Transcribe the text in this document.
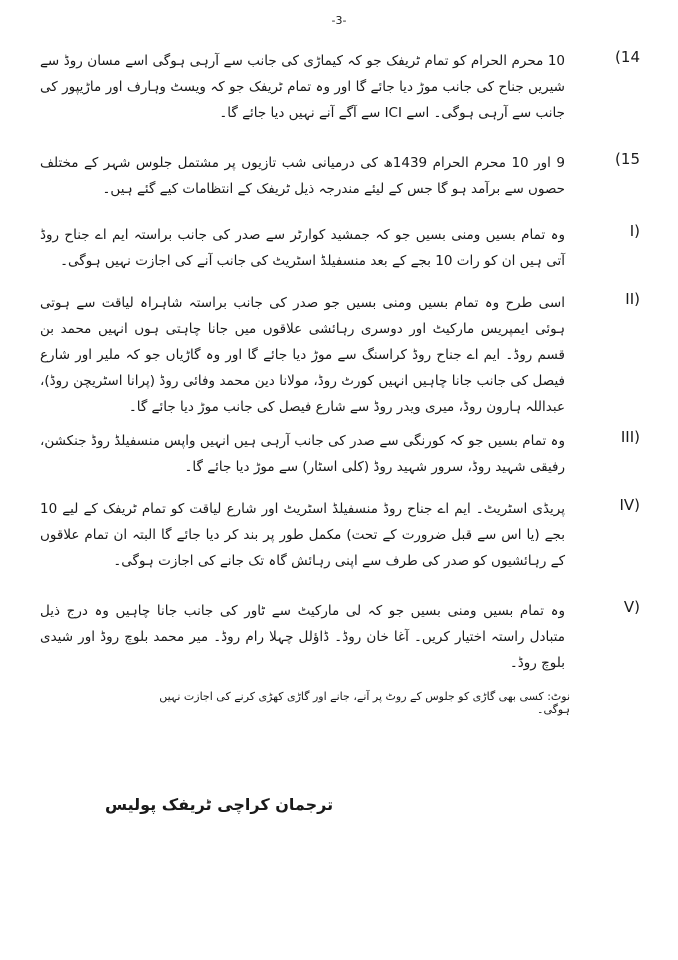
-3-
(14
10 محرم الحرام کو تمام ٹریفک جو کہ کیماڑی کی جانب سے آرہی ہوگی اسے مسان روڈ سے شیریں جناح کی جانب موڑ دیا جائے گا اور وہ تمام ٹریفک جو کہ ویسٹ وہارف اور ماڑیپور کی جانب سے آرہی ہوگی۔ اسے ICI سے آگے آنے نہیں دیا جائے گا۔
(15
9 اور 10 محرم الحرام 1439ھ کی درمیانی شب تازیوں پر مشتمل جلوس شہر کے مختلف حصوں سے برآمد ہو گا جس کے لیئے مندرجہ ذیل ٹریفک کے انتظامات کیے گئے ہیں۔
I)
وہ تمام بسیں ومنی بسیں جو کہ جمشید کوارٹر سے صدر کی جانب براستہ ایم اے جناح روڈ آتی ہیں ان کو رات 10 بجے کے بعد منسفیلڈ اسٹریٹ کی جانب آنے کی اجازت نہیں ہوگی۔
II)
اسی طرح وہ تمام بسیں ومنی بسیں جو صدر کی جانب براستہ شاہراہ لیاقت سے ہوتی ہوئی ایمپریس مارکیٹ اور دوسری رہائشی علاقوں میں جانا چاہتی ہوں انہیں محمد بن قسم روڈ۔ ایم اے جناح روڈ کراسنگ سے موڑ دیا جائے گا اور وہ گاڑیاں جو کہ ملیر اور شارع فیصل کی جانب جانا چاہیں انہیں کورٹ روڈ، مولانا دین محمد وفائی روڈ (پرانا اسٹریچن روڈ)، عبداللہ ہارون روڈ، میری ویدر روڈ سے شارع فیصل کی جانب موڑ دیا جائے گا۔
III)
وہ تمام بسیں جو کہ کورنگی سے صدر کی جانب آرہی ہیں انہیں واپس منسفیلڈ روڈ جنکشن، رفیقی شہید روڈ، سرور شہید روڈ (کلی اسٹار) سے موڑ دیا جائے گا۔
IV)
پریڈی اسٹریٹ۔ ایم اے جناح روڈ منسفیلڈ اسٹریٹ اور شارع لیاقت کو تمام ٹریفک کے لیے 10 بجے (یا اس سے قبل ضرورت کے تحت) مکمل طور پر بند کر دیا جائے گا البتہ ان تمام علاقوں کے رہائشیوں کو صدر کی طرف سے اپنی رہائش گاہ تک جانے کی اجازت ہوگی۔
V)
وہ تمام بسیں ومنی بسیں جو کہ لی مارکیٹ سے ٹاور کی جانب جانا چاہیں وہ درج ذیل متبادل راستہ اختیار کریں۔ آغا خان روڈ۔ ڈاؤلل چہلا رام روڈ۔ میر محمد بلوچ روڈ اور شیدی بلوچ روڈ۔
نوٹ: کسی بھی گاڑی کو جلوس کے روٹ پر آنے، جانے اور گاڑی کھڑی کرنے کی اجازت نہیں ہوگی۔
ترجمان کراچی ٹریفک پولیس
